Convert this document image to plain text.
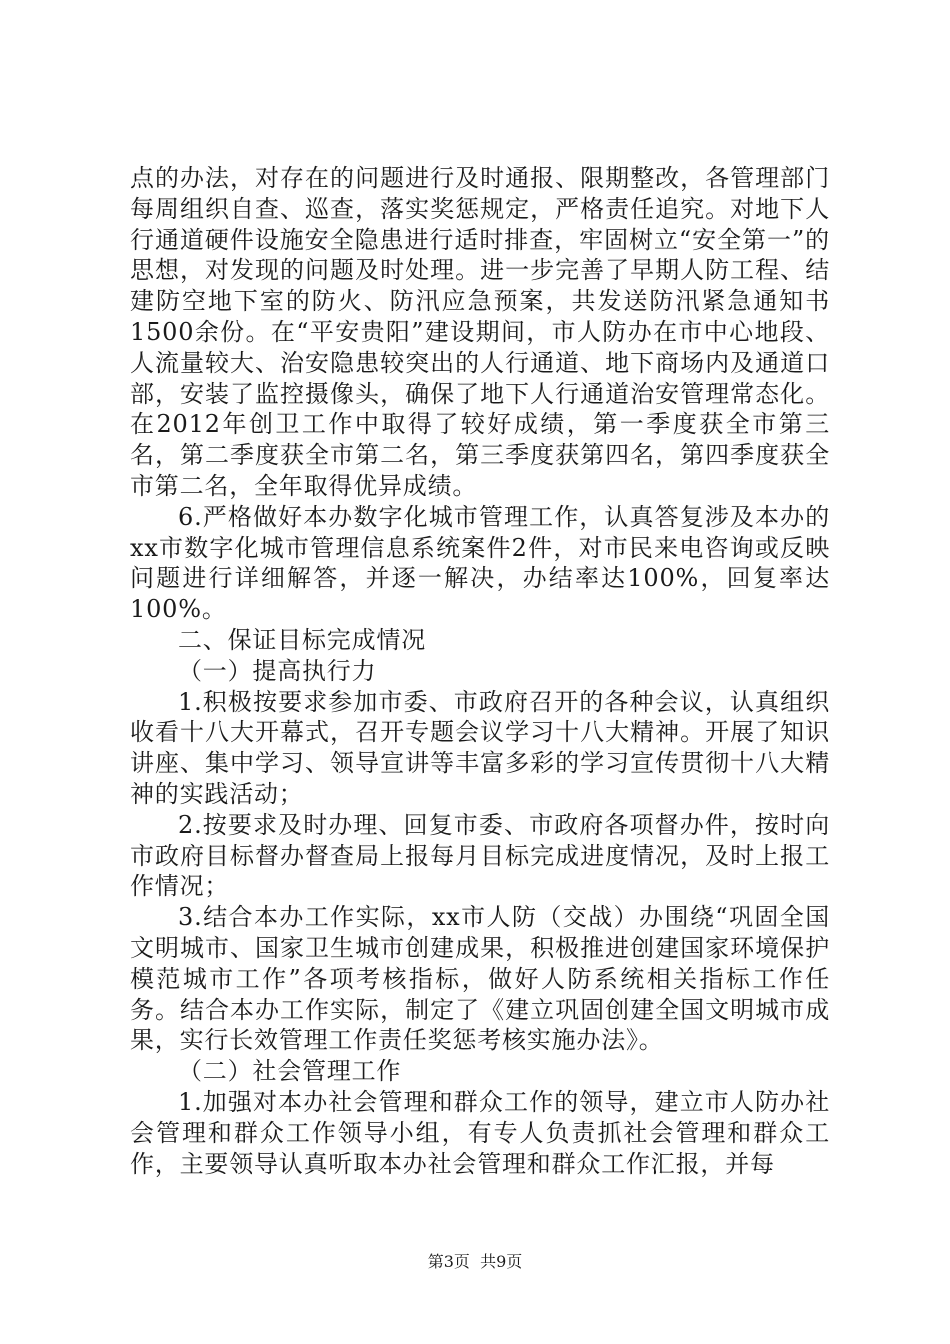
点的办法，对存在的问题进行及时通报、限期整改，各管理部门每周组织自查、巡查，落实奖惩规定，严格责任追究。对地下人行通道硬件设施安全隐患进行适时排查，牢固树立“安全第一”的思想，对发现的问题及时处理。进一步完善了早期人防工程、结建防空地下室的防火、防汛应急预案，共发送防汛紧急通知书1500余份。在“平安贵阳”建设期间，市人防办在市中心地段、人流量较大、治安隐患较突出的人行通道、地下商场内及通道口部，安装了监控摄像头，确保了地下人行通道治安管理常态化。在2012年创卫工作中取得了较好成绩，第一季度获全市第三名，第二季度获全市第二名，第三季度获第四名，第四季度获全市第二名，全年取得优异成绩。

6.严格做好本办数字化城市管理工作，认真答复涉及本办的xx市数字化城市管理信息系统案件2件，对市民来电咨询或反映问题进行详细解答，并逐一解决，办结率达100%，回复率达100%。

二、保证目标完成情况

（一）提高执行力

1.积极按要求参加市委、市政府召开的各种会议，认真组织收看十八大开幕式，召开专题会议学习十八大精神。开展了知识讲座、集中学习、领导宣讲等丰富多彩的学习宣传贯彻十八大精神的实践活动；

2.按要求及时办理、回复市委、市政府各项督办件，按时向市政府目标督办督查局上报每月目标完成进度情况，及时上报工作情况；

3.结合本办工作实际，xx市人防（交战）办围绕“巩固全国文明城市、国家卫生城市创建成果，积极推进创建国家环境保护模范城市工作”各项考核指标，做好人防系统相关指标工作任务。结合本办工作实际，制定了《建立巩固创建全国文明城市成果，实行长效管理工作责任奖惩考核实施办法》。

（二）社会管理工作

1.加强对本办社会管理和群众工作的领导，建立市人防办社会管理和群众工作领导小组，有专人负责抓社会管理和群众工作，主要领导认真听取本办社会管理和群众工作汇报，并每

第3页  共9页
